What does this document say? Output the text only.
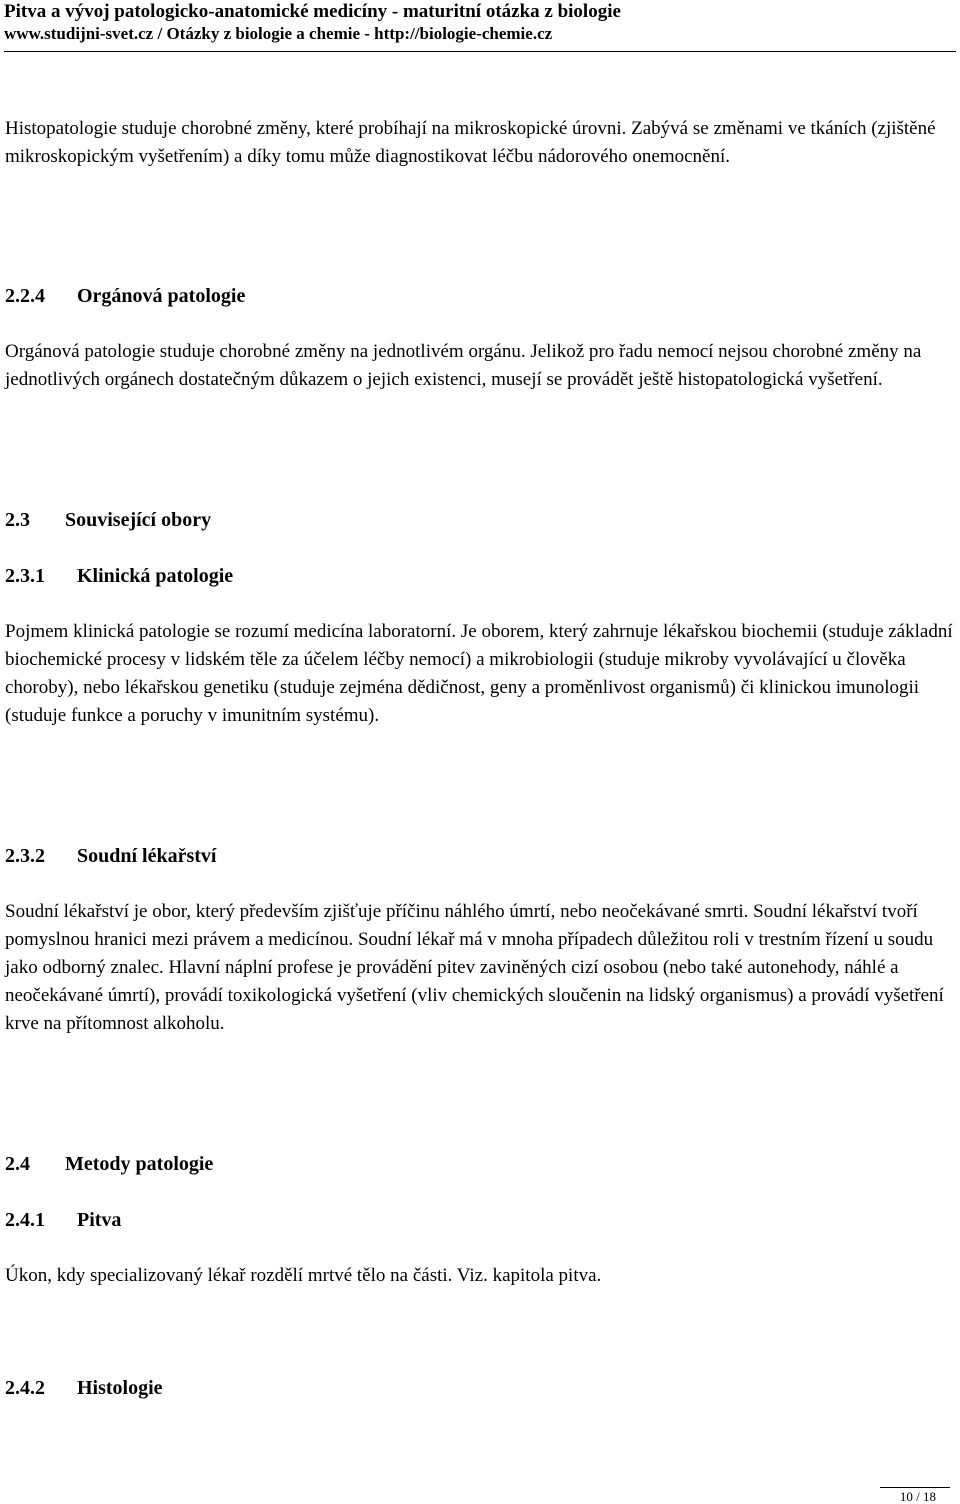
Pitva a vývoj patologicko-anatomické medicíny - maturitní otázka z biologie
www.studijni-svet.cz / Otázky z biologie a chemie - http://biologie-chemie.cz

Histopatologie studuje chorobné změny, které probíhají na mikroskopické úrovni. Zabývá se změnami ve tkáních (zjištěné mikroskopickým vyšetřením) a díky tomu může diagnostikovat léčbu nádorového onemocnění.

2.2.4 Orgánová patologie

Orgánová patologie studuje chorobné změny na jednotlivém orgánu. Jelikož pro řadu nemocí nejsou chorobné změny na jednotlivých orgánech dostatečným důkazem o jejich existenci, musejí se provádět ještě histopatologická vyšetření.

2.3 Související obory
2.3.1 Klinická patologie

Pojmem klinická patologie se rozumí medicína laboratorní. Je oborem, který zahrnuje lékařskou biochemii (studuje základní biochemické procesy v lidském těle za účelem léčby nemocí) a mikrobiologii (studuje mikroby vyvolávající u člověka choroby), nebo lékařskou genetiku (studuje zejména dědičnost, geny a proměnlivost organismů) či klinickou imunologii (studuje funkce a poruchy v imunitním systému).

2.3.2 Soudní lékařství

Soudní lékařství je obor, který především zjišťuje příčinu náhlého úmrtí, nebo neočekávané smrti. Soudní lékařství tvoří pomyslnou hranici mezi právem a medicínou. Soudní lékař má v mnoha případech důležitou roli v trestním řízení u soudu jako odborný znalec. Hlavní náplní profese je provádění pitev zaviněných cizí osobou (nebo také autonehody, náhlé a neočekávané úmrtí), provádí toxikologická vyšetření (vliv chemických sloučenin na lidský organismus) a provádí vyšetření krve na přítomnost alkoholu.

2.4 Metody patologie
2.4.1 Pitva

Úkon, kdy specializovaný lékař rozdělí mrtvé tělo na části. Viz. kapitola pitva.

2.4.2 Histologie
10 / 18
